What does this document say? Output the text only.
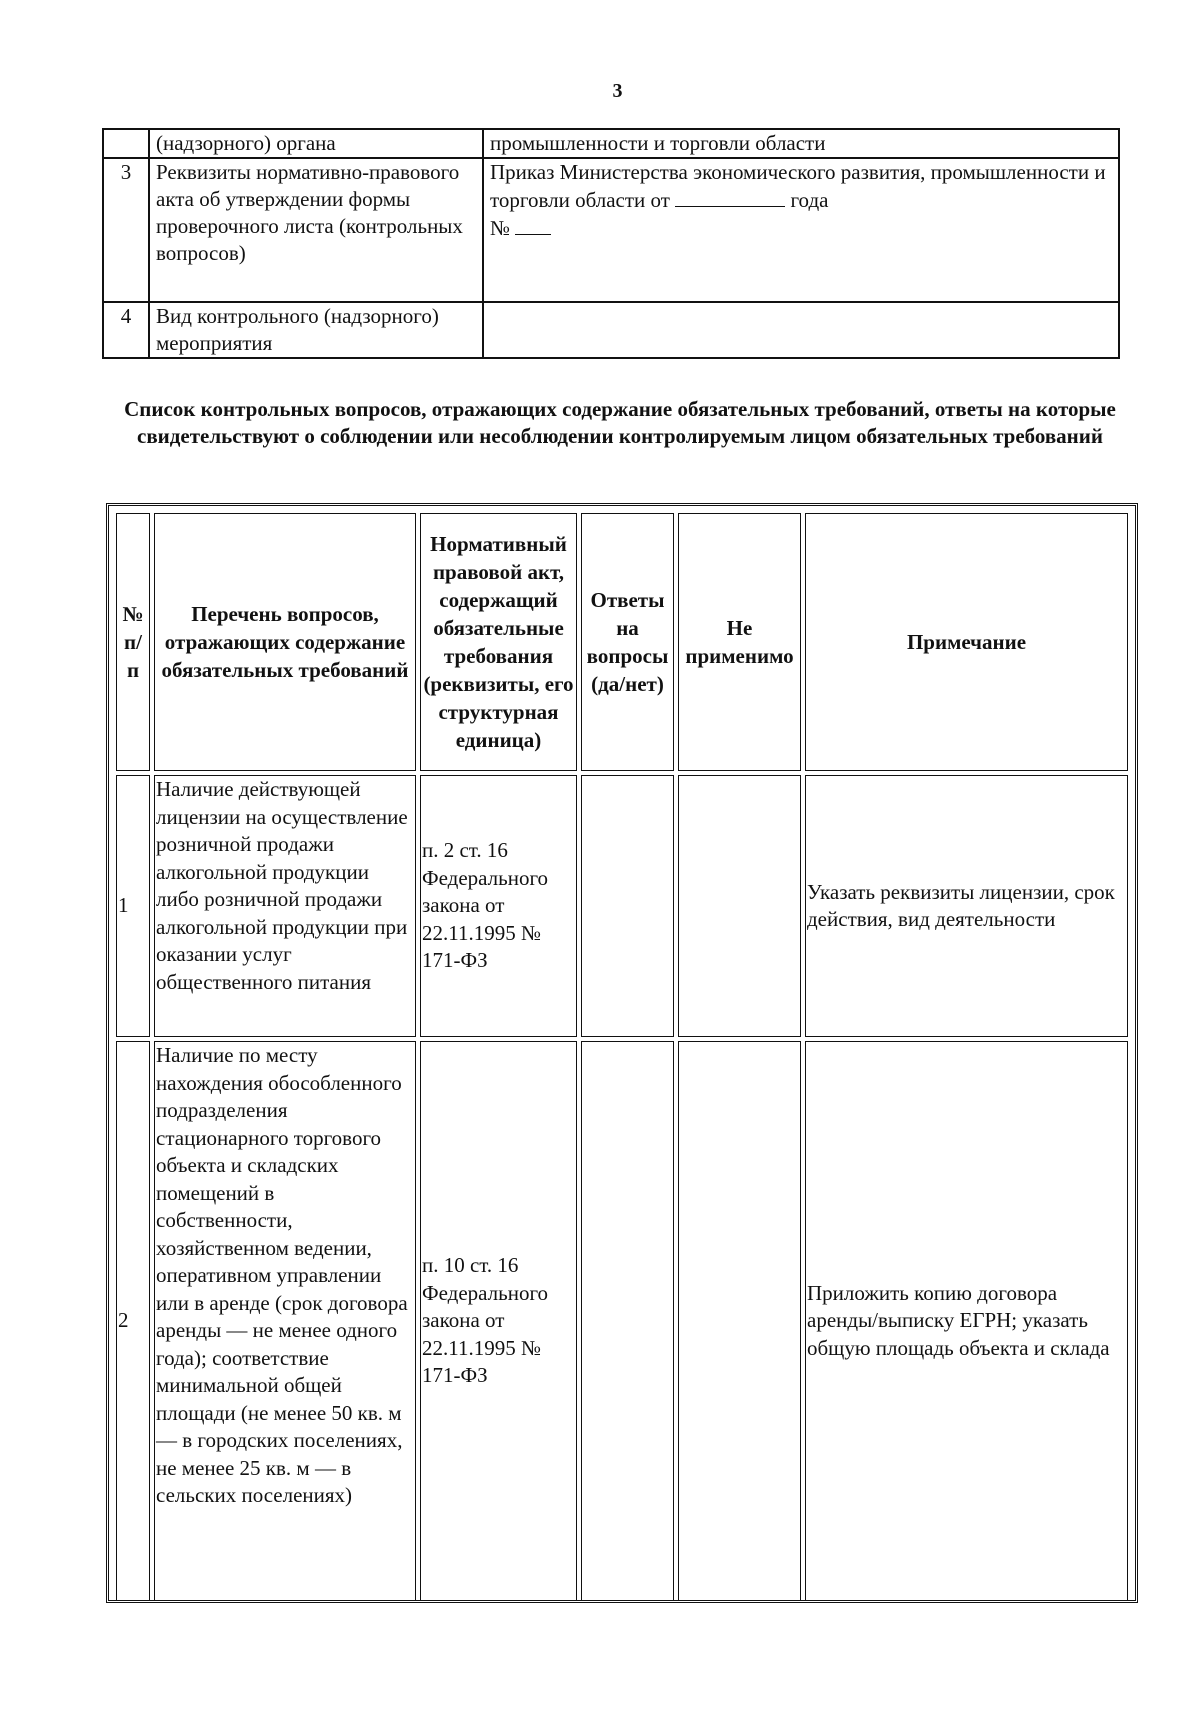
3
	(надзорного) органа	промышленности и торговли области
3	Реквизиты нормативно-правового акта об утверждении формы проверочного листа (контрольных вопросов)	Приказ Министерства экономического развития, промышленности и торговли области от года
№
4	Вид контрольного (надзорного) мероприятия	
Список контрольных вопросов, отражающих содержание обязательных требований, ответы на которые свидетельствуют о соблюдении или несоблюдении контролируемым лицом обязательных требований
№ п/п	Перечень вопросов, отражающих содержание обязательных требований	Нормативный правовой акт, содержащий обязательные требования (реквизиты, его структурная единица)	Ответы на вопросы (да/нет)	Не применимо	Примечание
1	Наличие действующей лицензии на осуществление розничной продажи алкогольной продукции либо розничной продажи алкогольной продукции при оказании услуг общественного питания	п. 2 ст. 16 Федерального закона от 22.11.1995 № 171-ФЗ			Указать реквизиты лицензии, срок действия, вид деятельности
2	Наличие по месту нахождения обособленного подразделения стационарного торгового объекта и складских помещений в собственности, хозяйственном ведении, оперативном управлении или в аренде (срок договора аренды — не менее одного года); соответствие минимальной общей площади (не менее 50 кв. м — в городских поселениях, не менее 25 кв. м — в сельских поселениях)	п. 10 ст. 16 Федерального закона от 22.11.1995 № 171-ФЗ			Приложить копию договора аренды/выписку ЕГРН; указать общую площадь объекта и склада
